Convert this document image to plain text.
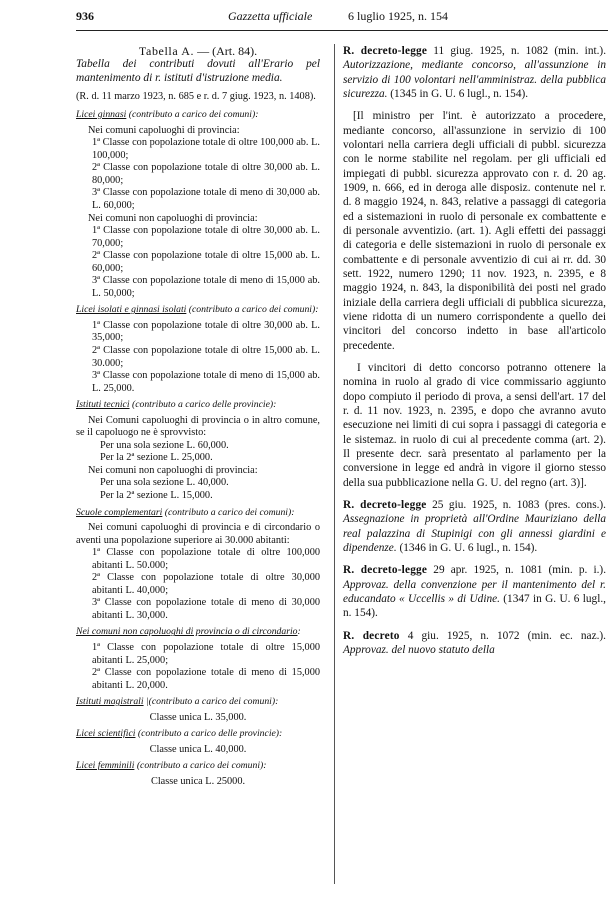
936	Gazzetta ufficiale	6 luglio 1925, n. 154

Tabella A. — (Art. 84).

Tabella dei contributi dovuti all'Erario pel mantenimento di r. istituti d'istruzione media.

(R. d. 11 marzo 1923, n. 685 e r. d. 7 giug. 1923, n. 1408).

Licei ginnasi (contributo a carico dei comuni):

Nei comuni capoluoghi di provincia:

1ª Classe con popolazione totale di oltre 100,000 ab. L. 100,000;

2ª Classe con popolazione totale di oltre 30,000 ab. L. 80,000;

3ª Classe con popolazione totale di meno di 30,000 ab. L. 60,000;

Nei comuni non capoluoghi di provincia:

1ª Classe con popolazione totale di oltre 30,000 ab. L. 70,000;

2ª Classe con popolazione totale di oltre 15,000 ab. L. 60,000;

3ª Classe con popolazione totale di meno di 15,000 ab. L. 50,000;

Licei isolati e ginnasi isolati (contributo a carico dei comuni):

1ª Classe con popolazione totale di oltre 30,000 ab. L. 35,000;

2ª Classe con popolazione totale di oltre 15,000 ab. L. 30.000;

3ª Classe con popolazione totale di meno di 15,000 ab. L. 25,000.

Istituti tecnici (contributo a carico delle provincie):

Nei Comuni capoluoghi di provincia o in altro comune, se il capoluogo ne è sprovvisto:

Per una sola sezione L. 60,000.

Per la 2ª sezione L. 25,000.

Nei comuni non capoluoghi di provincia:

Per una sola sezione L. 40,000.

Per la 2ª sezione L. 15,000.

Scuole complementari (contributo a carico dei comuni):

Nei comuni capoluoghi di provincia e di circondario o aventi una popolazione superiore ai 30.000 abitanti:

1ª Classe con popolazione totale di oltre 100,000 abitanti L. 50.000;

2ª Classe con popolazione totale di oltre 30,000 abitanti L. 40,000;

3ª Classe con popolazione totale di meno di 30,000 abitanti L. 30,000.

Nei comuni non capoluoghi di provincia o di circondario:

1ª Classe con popolazione totale di oltre 15,000 abitanti L. 25,000;

2ª Classe con popolazione totale di meno di 15,000 abitanti L. 20,000.

Istituti magistrali |(contributo a carico dei comuni):

Classe unica L. 35,000.

Licei scientifici (contributo a carico delle provincie):

Classe unica L. 40,000.

Licei femminili (contributo a carico dei comuni):

Classe unica L. 25000.

R. decreto-legge 11 giug. 1925, n. 1082 (min. int.). Autorizzazione, mediante concorso, all'assunzione in servizio di 100 volontari nell'amministraz. della pubblica sicurezza. (1345 in G. U. 6 lugl., n. 154).

[Il ministro per l'int. è autorizzato a procedere, mediante concorso, all'assunzione in servizio di 100 volontari nella carriera degli ufficiali di pubbl. sicurezza con le norme stabilite nel regolam. per gli ufficiali ed impiegati di pubbl. sicurezza approvato con r. d. 20 ag. 1909, n. 666, ed in deroga alle disposiz. contenute nel r. d. 8 maggio 1924, n. 843, relative a passaggi di categoria ed a sistemazioni in ruolo di personale ex combattente e di personale avventizio. (art. 1). Agli effetti dei passaggi di categoria e delle sistemazioni in ruolo di personale ex combattente e di personale avventizio di cui ai rr. dd. 30 sett. 1922, numero 1290; 11 nov. 1923, n. 2395, e 8 maggio 1924, n. 843, la disponibilità dei posti nel grado iniziale della carriera degli ufficiali di pubblica sicurezza, viene ridotta di un numero corrispondente a quello dei vincitori del concorso indetto in base all'articolo precedente.

I vincitori di detto concorso potranno ottenere la nomina in ruolo al grado di vice commissario aggiunto dopo compiuto il periodo di prova, a sensi dell'art. 17 del r. d. 11 nov. 1923, n. 2395, e dopo che avranno avuto esecuzione nei limiti di cui sopra i passaggi di categoria e le sistemaz. in ruolo di cui al precedente comma (art. 2). Il presente decr. sarà presentato al parlamento per la conversione in legge ed andrà in vigore il giorno stesso della sua pubblicazione nella G. U. del regno (art. 3)].

R. decreto-legge 25 giu. 1925, n. 1083 (pres. cons.). Assegnazione in proprietà all'Ordine Mauriziano della real palazzina di Stupinigi con gli annessi giardini e dipendenze. (1346 in G. U. 6 lugl., n. 154).

R. decreto-legge 29 apr. 1925, n. 1081 (min. p. i.). Approvaz. della convenzione per il mantenimento del r. educandato « Uccellis » di Udine. (1347 in G. U. 6 lugl., n. 154).

R. decreto 4 giu. 1925, n. 1072 (min. ec. naz.). Approvaz. del nuovo statuto della
